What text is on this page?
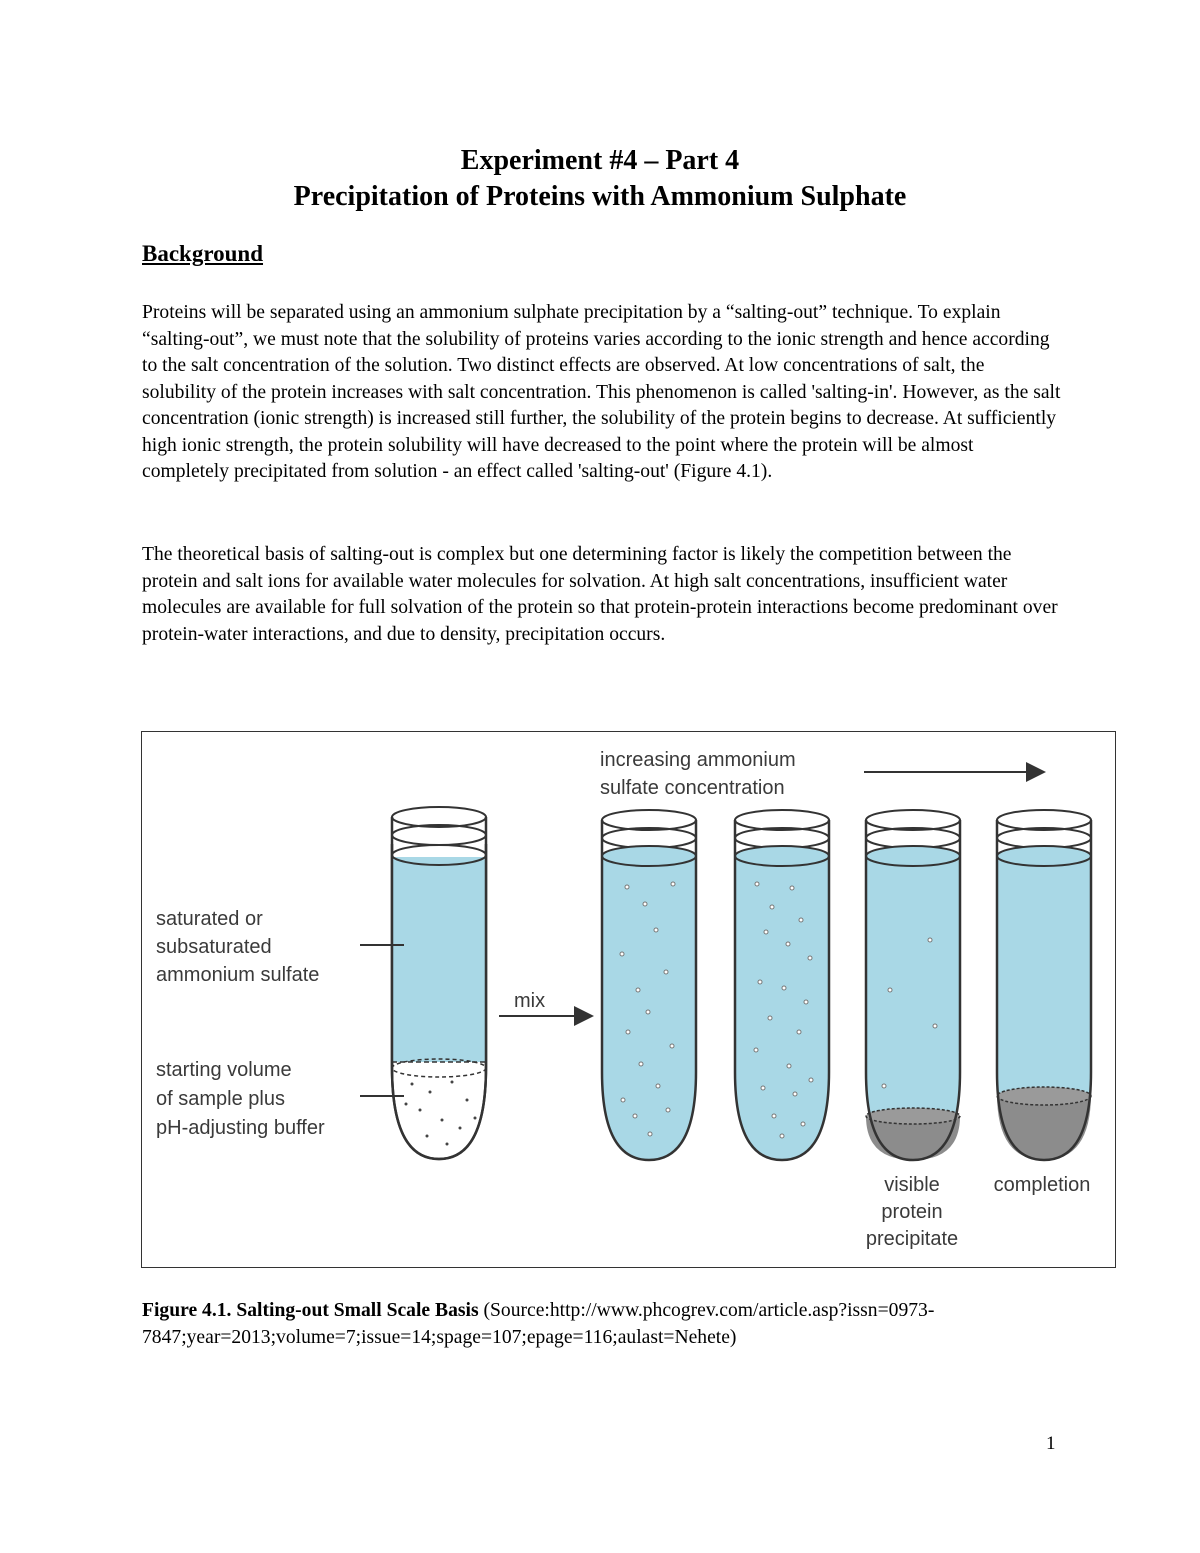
Experiment #4 – Part 4
Precipitation of Proteins with Ammonium Sulphate
Background
Proteins will be separated using an ammonium sulphate precipitation by a “salting-out” technique. To explain “salting-out”, we must note that the solubility of proteins varies according to the ionic strength and hence according to the salt concentration of the solution. Two distinct effects are observed. At low concentrations of salt, the solubility of the protein increases with salt concentration. This phenomenon is called 'salting-in'. However, as the salt concentration (ionic strength) is increased still further, the solubility of the protein begins to decrease. At sufficiently high ionic strength, the protein solubility will have decreased to the point where the protein will be almost completely precipitated from solution - an effect called 'salting-out' (Figure 4.1).
The theoretical basis of salting-out is complex but one determining factor is likely the competition between the protein and salt ions for available water molecules for solvation. At high salt concentrations, insufficient water molecules are available for full solvation of the protein so that protein-protein interactions become predominant over protein-water interactions, and due to density, precipitation occurs.
saturated or
subsaturated
ammonium sulfate
starting volume
of sample plus
pH-adjusting buffer
mix
increasing ammonium
sulfate concentration
visible
protein
precipitate
completion
Figure 4.1. Salting-out Small Scale Basis (Source:http://www.phcogrev.com/article.asp?issn=0973-7847;year=2013;volume=7;issue=14;spage=107;epage=116;aulast=Nehete)
1
